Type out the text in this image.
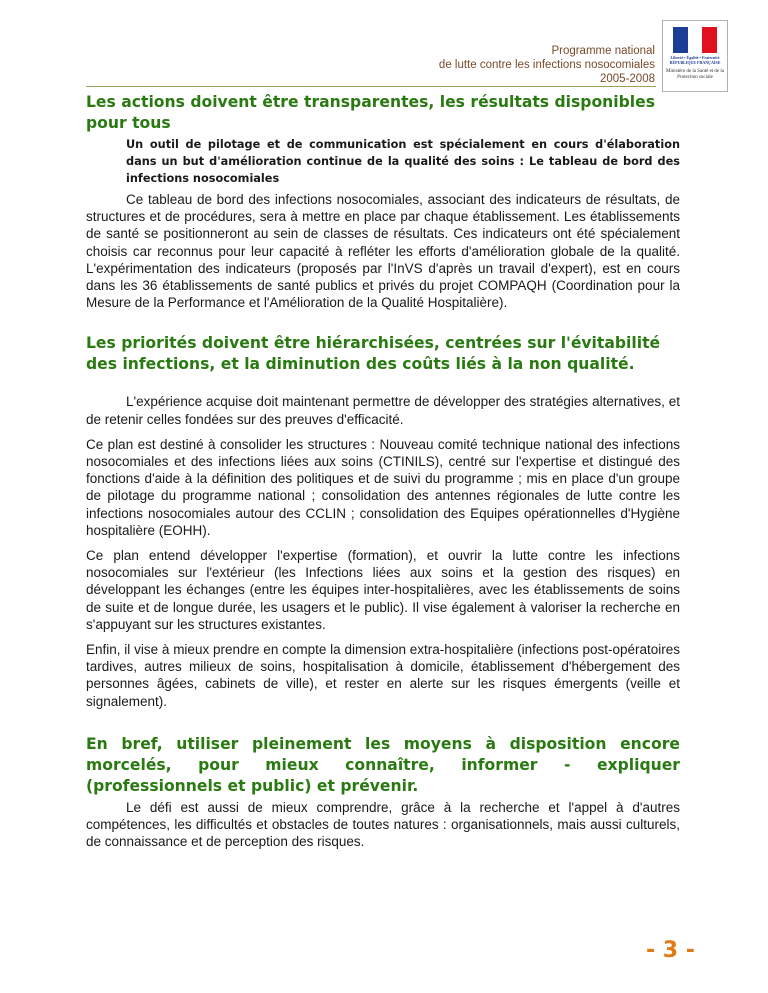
Programme national
de lutte contre les infections nosocomiales
2005-2008
Liberté • Égalité • Fraternité RÉPUBLIQUE FRANÇAISE
Ministère de la Santé et de la Protection sociale
Les actions doivent être transparentes, les résultats disponibles pour tous
Un outil de pilotage et de communication est spécialement en cours d'élaboration dans un but d'amélioration continue de la qualité des soins : Le tableau de bord des infections nosocomiales

Ce tableau de bord des infections nosocomiales, associant des indicateurs de résultats, de structures et de procédures, sera à mettre en place par chaque établissement. Les établissements de santé se positionneront au sein de classes de résultats. Ces indicateurs ont été spécialement choisis car reconnus pour leur capacité à refléter les efforts d'amélioration globale de la qualité. L'expérimentation des indicateurs (proposés par l'InVS d'après un travail d'expert), est en cours dans les 36 établissements de santé publics et privés du projet COMPAQH (Coordination pour la Mesure de la Performance et l'Amélioration de la Qualité Hospitalière).

Les priorités doivent être hiérarchisées, centrées sur l'évitabilité des infections, et la diminution des coûts liés à la non qualité.

L'expérience acquise doit maintenant permettre de développer des stratégies alternatives, et de retenir celles fondées sur des preuves d'efficacité.

Ce plan est destiné à consolider les structures : Nouveau comité technique national des infections nosocomiales et des infections liées aux soins (CTINILS), centré sur l'expertise et distingué des fonctions d'aide à la définition des politiques et de suivi du programme ; mis en place d'un groupe de pilotage du programme national ; consolidation des antennes régionales de lutte contre les infections nosocomiales autour des CCLIN ; consolidation des Equipes opérationnelles d'Hygiène hospitalière (EOHH).

Ce plan entend développer l'expertise (formation), et ouvrir la lutte contre les infections nosocomiales sur l'extérieur (les Infections liées aux soins et la gestion des risques) en développant les échanges (entre les équipes inter-hospitalières, avec les établissements de soins de suite et de longue durée, les usagers et le public). Il vise également à valoriser la recherche en s'appuyant sur les structures existantes.

Enfin, il vise à mieux prendre en compte la dimension extra-hospitalière (infections post-opératoires tardives, autres milieux de soins, hospitalisation à domicile, établissement d'hébergement des personnes âgées, cabinets de ville), et rester en alerte sur les risques émergents (veille et signalement).

En bref, utiliser pleinement les moyens à disposition encore morcelés, pour mieux connaître, informer - expliquer (professionnels et public) et prévenir.

Le défi est aussi de mieux comprendre, grâce à la recherche et l'appel à d'autres compétences, les difficultés et obstacles de toutes natures : organisationnels, mais aussi culturels, de connaissance et de perception des risques.

- 3 -
